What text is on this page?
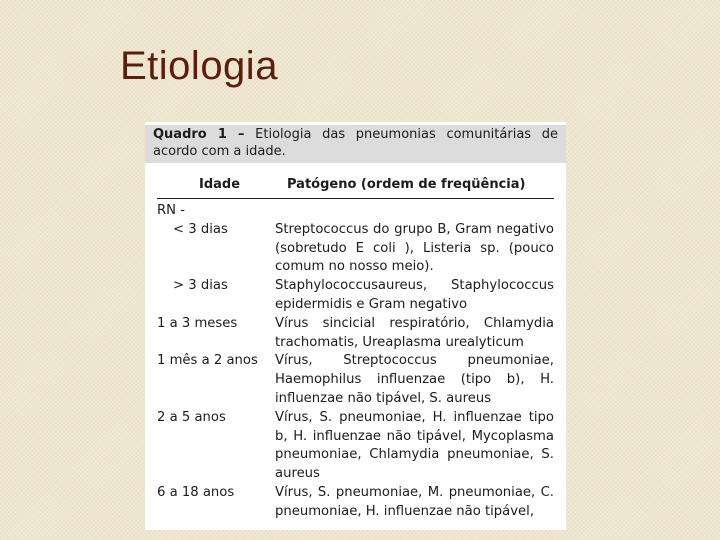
Etiologia
Quadro 1 – Etiologia das pneumonias comunitárias de
acordo com a idade.
Idade	Patógeno (ordem de freqüência)
RN -
< 3 dias	Streptococcus do grupo B, Gram negativo (sobretudo E coli ), Listeria sp. (pouco comum no nosso meio).
> 3 dias	Staphylococcusaureus, Staphylococcus epidermidis e Gram negativo
1 a 3 meses	Vírus sincicial respiratório, Chlamydia trachomatis, Ureaplasma urealyticum
1 mês a 2 anos	Vírus, Streptococcus pneumoniae, Haemophilus influenzae (tipo b), H. influenzae não tipável, S. aureus
2 a 5 anos	Vírus, S. pneumoniae, H. influenzae tipo b, H. influenzae não tipável, Mycoplasma pneumoniae, Chlamydia pneumoniae, S. aureus
6 a 18 anos	Vírus, S. pneumoniae, M. pneumoniae, C. pneumoniae, H. influenzae não tipável,
